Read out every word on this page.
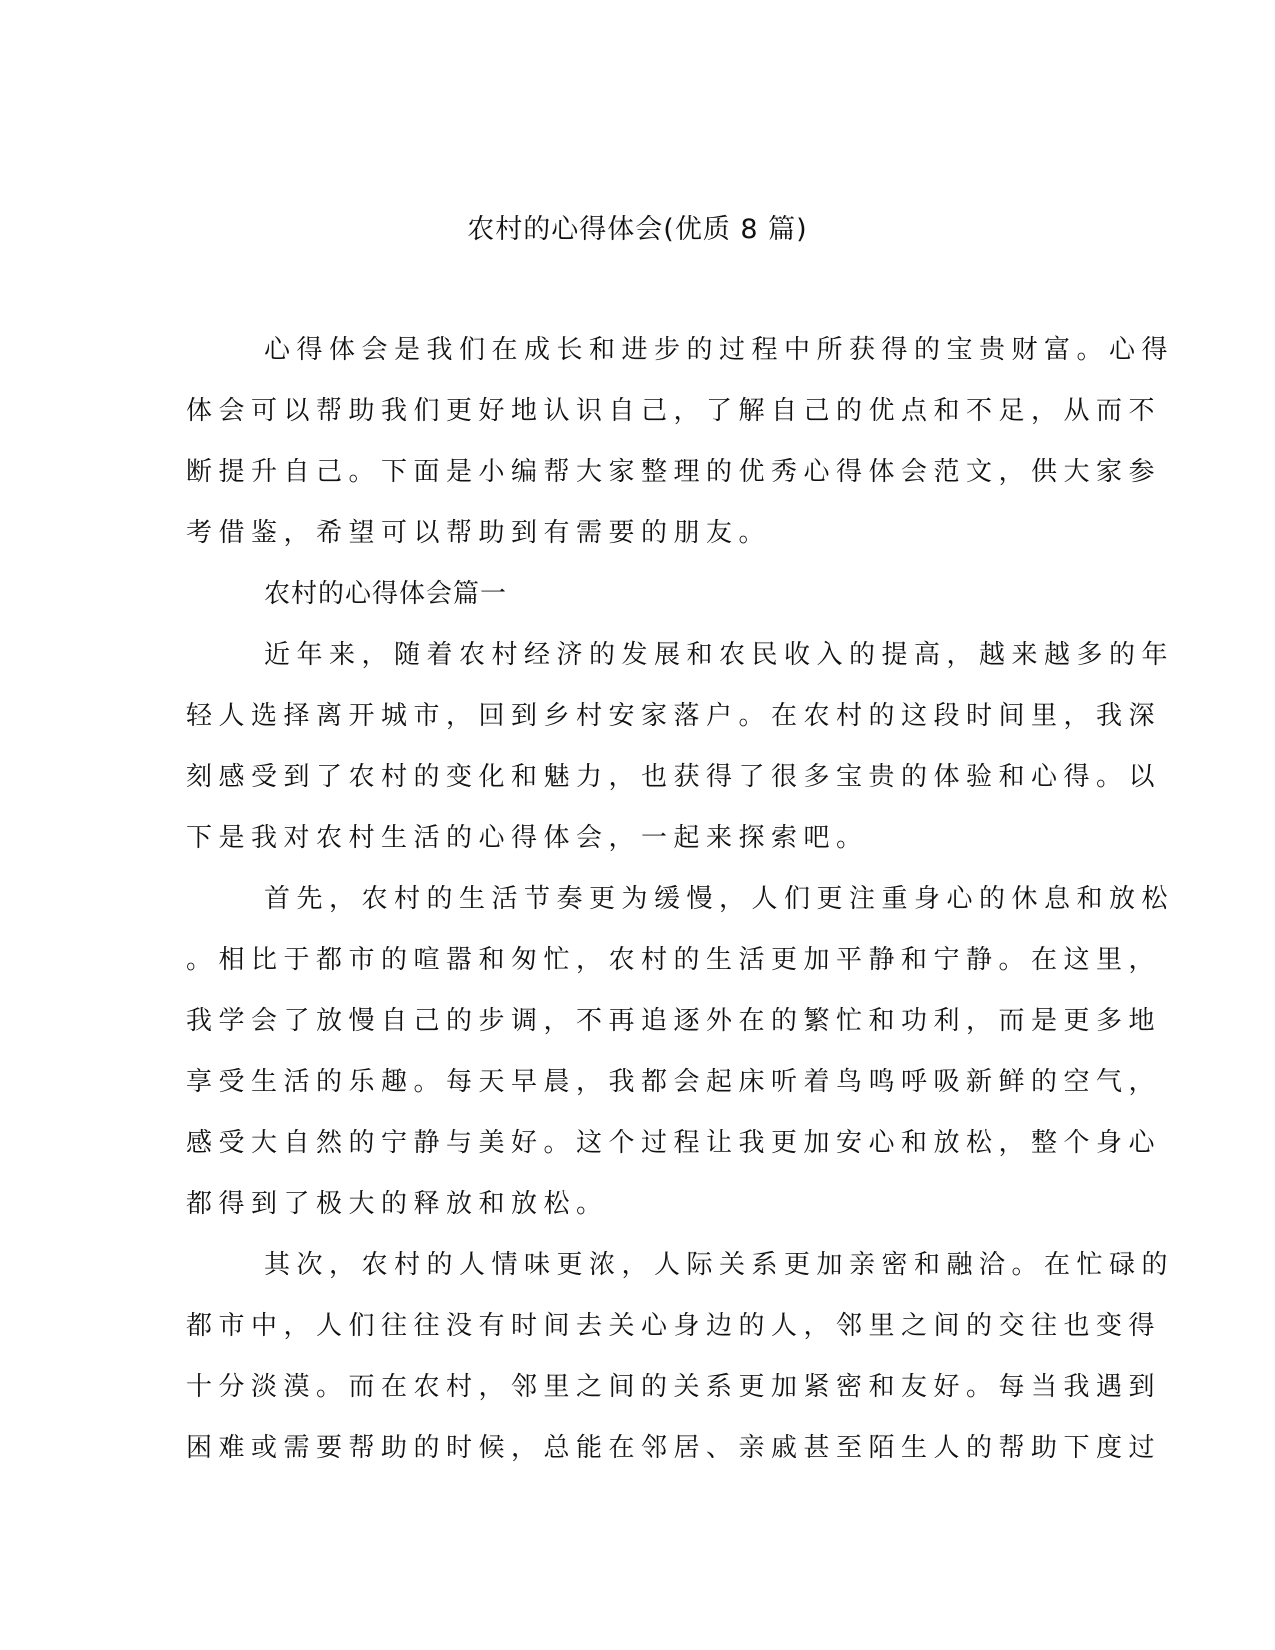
农村的心得体会(优质 8 篇)
心得体会是我们在成长和进步的过程中所获得的宝贵财富。心得
体会可以帮助我们更好地认识自己，了解自己的优点和不足，从而不
断提升自己。下面是小编帮大家整理的优秀心得体会范文，供大家参
考借鉴，希望可以帮助到有需要的朋友。
农村的心得体会篇一
近年来，随着农村经济的发展和农民收入的提高，越来越多的年
轻人选择离开城市，回到乡村安家落户。在农村的这段时间里，我深
刻感受到了农村的变化和魅力，也获得了很多宝贵的体验和心得。以
下是我对农村生活的心得体会，一起来探索吧。
首先，农村的生活节奏更为缓慢，人们更注重身心的休息和放松
。相比于都市的喧嚣和匆忙，农村的生活更加平静和宁静。在这里，
我学会了放慢自己的步调，不再追逐外在的繁忙和功利，而是更多地
享受生活的乐趣。每天早晨，我都会起床听着鸟鸣呼吸新鲜的空气，
感受大自然的宁静与美好。这个过程让我更加安心和放松，整个身心
都得到了极大的释放和放松。
其次，农村的人情味更浓，人际关系更加亲密和融洽。在忙碌的
都市中，人们往往没有时间去关心身边的人，邻里之间的交往也变得
十分淡漠。而在农村，邻里之间的关系更加紧密和友好。每当我遇到
困难或需要帮助的时候，总能在邻居、亲戚甚至陌生人的帮助下度过
